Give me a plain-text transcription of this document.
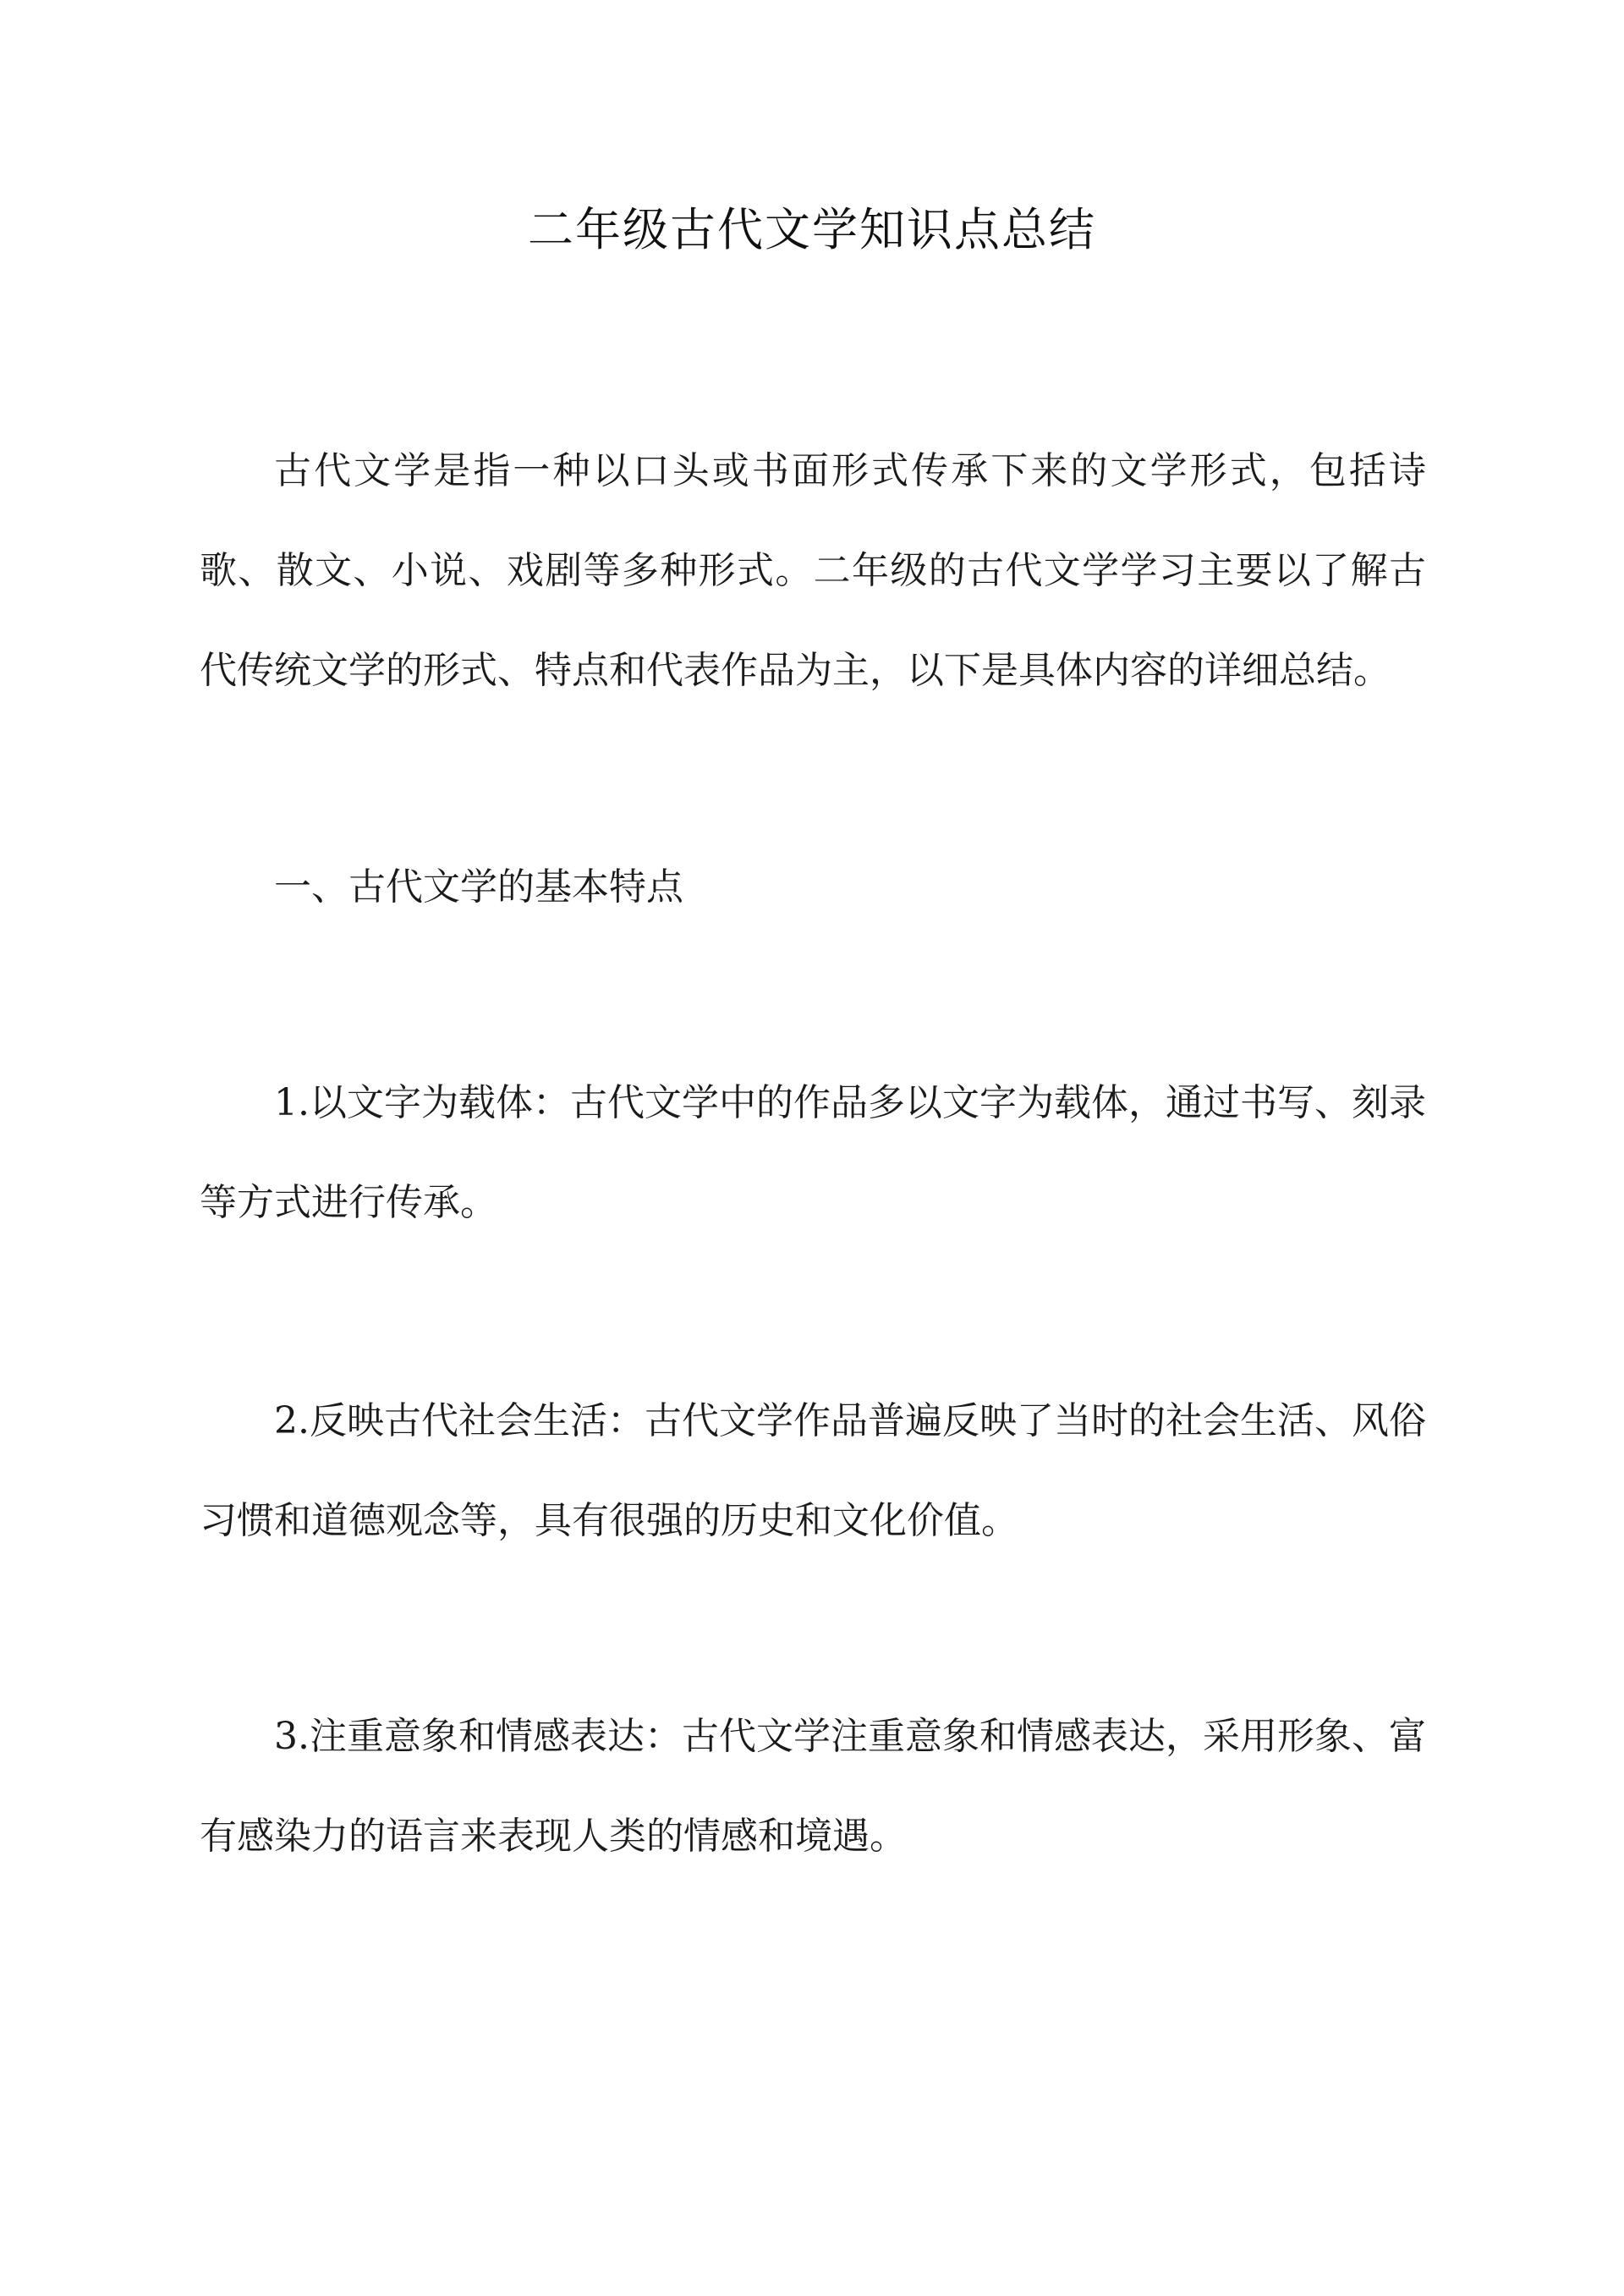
二年级古代文学知识点总结

古代文学是指一种以口头或书面形式传承下来的文学形式，包括诗歌、散文、小说、戏剧等多种形式。二年级的古代文学学习主要以了解古代传统文学的形式、特点和代表作品为主，以下是具体内容的详细总结。

一、古代文学的基本特点

1.以文字为载体：古代文学中的作品多以文字为载体，通过书写、刻录等方式进行传承。

2.反映古代社会生活：古代文学作品普遍反映了当时的社会生活、风俗习惯和道德观念等，具有很强的历史和文化价值。

3.注重意象和情感表达：古代文学注重意象和情感表达，采用形象、富有感染力的语言来表现人类的情感和境遇。
